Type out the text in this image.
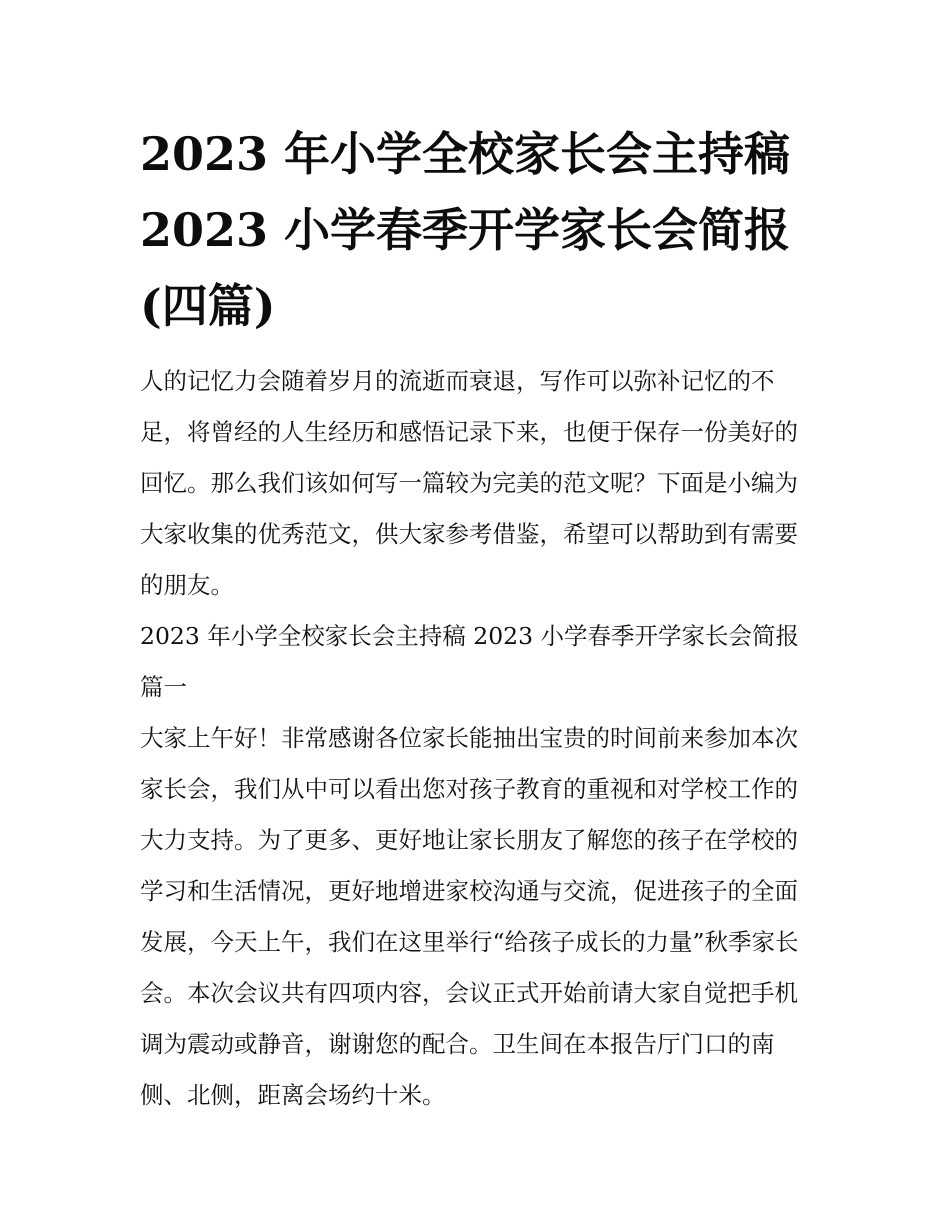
2023 年小学全校家长会主持稿
2023 小学春季开学家长会简报
(四篇)

人的记忆力会随着岁月的流逝而衰退，写作可以弥补记忆的不足，将曾经的人生经历和感悟记录下来，也便于保存一份美好的回忆。那么我们该如何写一篇较为完美的范文呢？下面是小编为大家收集的优秀范文，供大家参考借鉴，希望可以帮助到有需要的朋友。

2023 年小学全校家长会主持稿 2023 小学春季开学家长会简报篇一

大家上午好！非常感谢各位家长能抽出宝贵的时间前来参加本次家长会，我们从中可以看出您对孩子教育的重视和对学校工作的大力支持。为了更多、更好地让家长朋友了解您的孩子在学校的学习和生活情况，更好地增进家校沟通与交流，促进孩子的全面发展，今天上午，我们在这里举行“给孩子成长的力量”秋季家长会。本次会议共有四项内容，会议正式开始前请大家自觉把手机调为震动或静音，谢谢您的配合。卫生间在本报告厅门口的南侧、北侧，距离会场约十米。
